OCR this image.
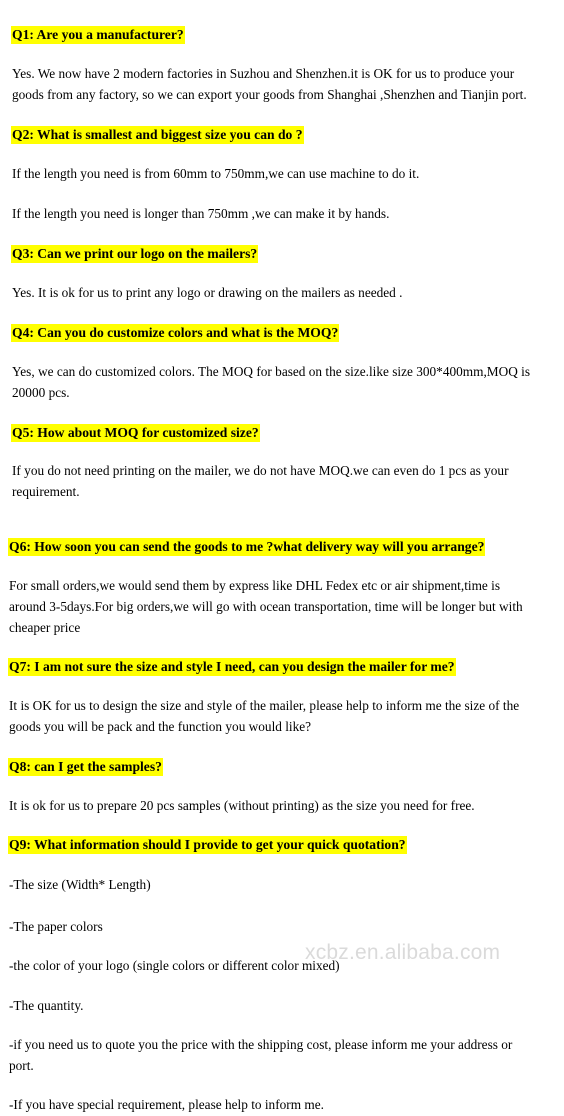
Q1: Are you a manufacturer?
Yes. We now have 2 modern factories in Suzhou and Shenzhen.it is OK for us to produce your
goods from any factory, so we can export your goods from Shanghai ,Shenzhen and Tianjin port.
Q2: What is smallest and biggest size you can do ?
If the length you need is from 60mm to 750mm,we can use machine to do it.
If the length you need is longer than 750mm ,we can make it by hands.
Q3: Can we print our logo on the mailers?
Yes. It is ok for us to print any logo or drawing on the mailers as needed .
Q4: Can you do customize colors and what is the MOQ?
Yes, we can do customized colors. The MOQ for based on the size.like size 300*400mm,MOQ is
20000 pcs.
Q5: How about MOQ for customized size?
If you do not need printing on the mailer, we do not have MOQ.we can even do 1 pcs as your
requirement.
Q6: How soon you can send the goods to me ?what delivery way will you arrange?
For small orders,we would send them by express like DHL Fedex etc or air shipment,time is
around 3-5days.For big orders,we will go with ocean transportation, time will be longer but with
cheaper price
Q7: I am not sure the size and style I need, can you design the mailer for me?
It is OK for us to design the size and style of the mailer, please help to inform me the size of the
goods you will be pack and the function you would like?
Q8: can I get the samples?
It is ok for us to prepare 20 pcs samples (without printing) as the size you need for free.
Q9: What information should I provide to get your quick quotation?
-The size (Width* Length)
-The paper colors
-the color of your logo (single colors or different color mixed)
-The quantity.
-if you need us to quote you the price with the shipping cost, please inform me your address or
port.
-If you have special requirement, please help to inform me.
xcbz.en.alibaba.com
